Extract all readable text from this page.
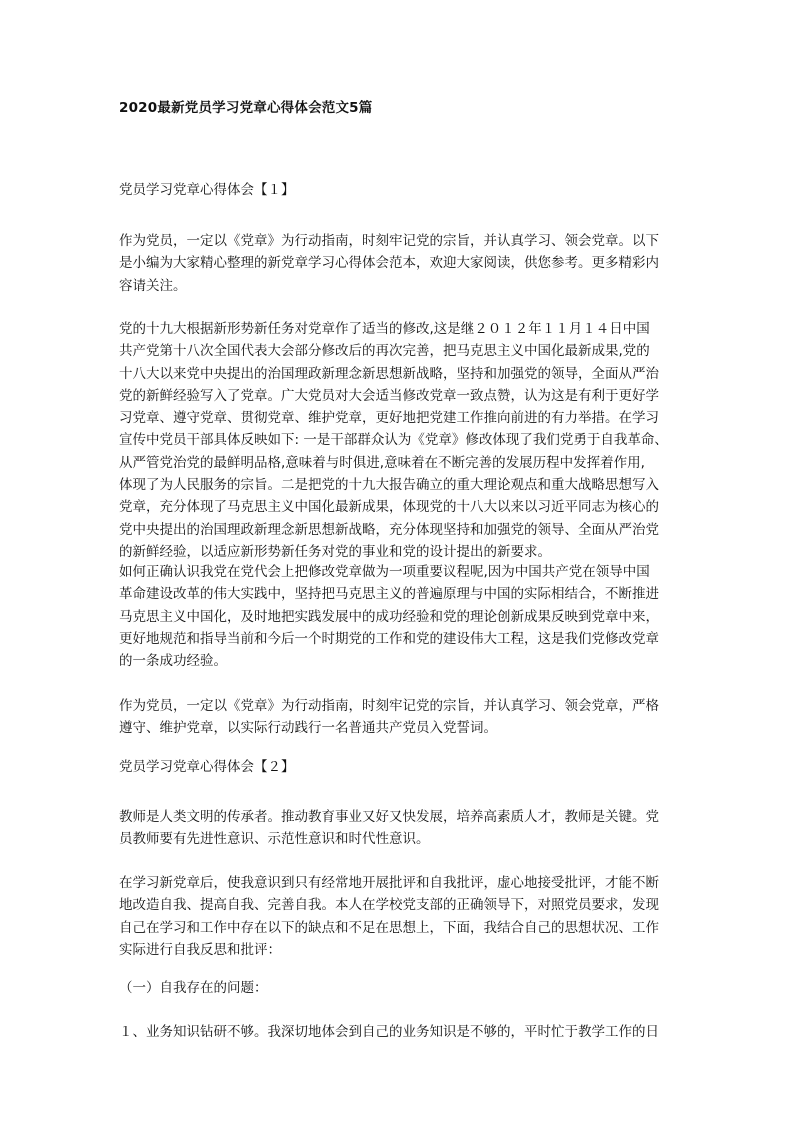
2020最新党员学习党章心得体会范文5篇
党员学习党章心得体会【１】
作为党员，一定以《党章》为行动指南，时刻牢记党的宗旨，并认真学习、领会党章。以下
是小编为大家精心整理的新党章学习心得体会范本，欢迎大家阅读，供您参考。更多精彩内
容请关注。
党的十九大根据新形势新任务对党章作了适当的修改,这是继２０１２年１１月１４日中国
共产党第十八次全国代表大会部分修改后的再次完善，把马克思主义中国化最新成果,党的
十八大以来党中央提出的治国理政新理念新思想新战略，坚持和加强党的领导，全面从严治
党的新鲜经验写入了党章。广大党员对大会适当修改党章一致点赞，认为这是有利于更好学
习党章、遵守党章、贯彻党章、维护党章，更好地把党建工作推向前进的有力举措。在学习
宣传中党员干部具体反映如下: 一是干部群众认为《党章》修改体现了我们党勇于自我革命、
从严管党治党的最鲜明品格,意味着与时俱进,意味着在不断完善的发展历程中发挥着作用,
体现了为人民服务的宗旨。二是把党的十九大报告确立的重大理论观点和重大战略思想写入
党章，充分体现了马克思主义中国化最新成果，体现党的十八大以来以习近平同志为核心的
党中央提出的治国理政新理念新思想新战略，充分体现坚持和加强党的领导、全面从严治党
的新鲜经验，以适应新形势新任务对党的事业和党的设计提出的新要求。
如何正确认识我党在党代会上把修改党章做为一项重要议程呢,因为中国共产党在领导中国
革命建设改革的伟大实践中，坚持把马克思主义的普遍原理与中国的实际相结合，不断推进
马克思主义中国化，及时地把实践发展中的成功经验和党的理论创新成果反映到党章中来，
更好地规范和指导当前和今后一个时期党的工作和党的建设伟大工程，这是我们党修改党章
的一条成功经验。
作为党员，一定以《党章》为行动指南，时刻牢记党的宗旨，并认真学习、领会党章，严格
遵守、维护党章，以实际行动践行一名普通共产党员入党誓词。
党员学习党章心得体会【２】
教师是人类文明的传承者。推动教育事业又好又快发展，培养高素质人才，教师是关键。党
员教师要有先进性意识、示范性意识和时代性意识。
在学习新党章后，使我意识到只有经常地开展批评和自我批评，虚心地接受批评，才能不断
地改造自我、提高自我、完善自我。本人在学校党支部的正确领导下，对照党员要求，发现
自己在学习和工作中存在以下的缺点和不足在思想上，下面，我结合自己的思想状况、工作
实际进行自我反思和批评：
（一）自我存在的问题：
１、业务知识钻研不够。我深切地体会到自己的业务知识是不够的，平时忙于教学工作的日
